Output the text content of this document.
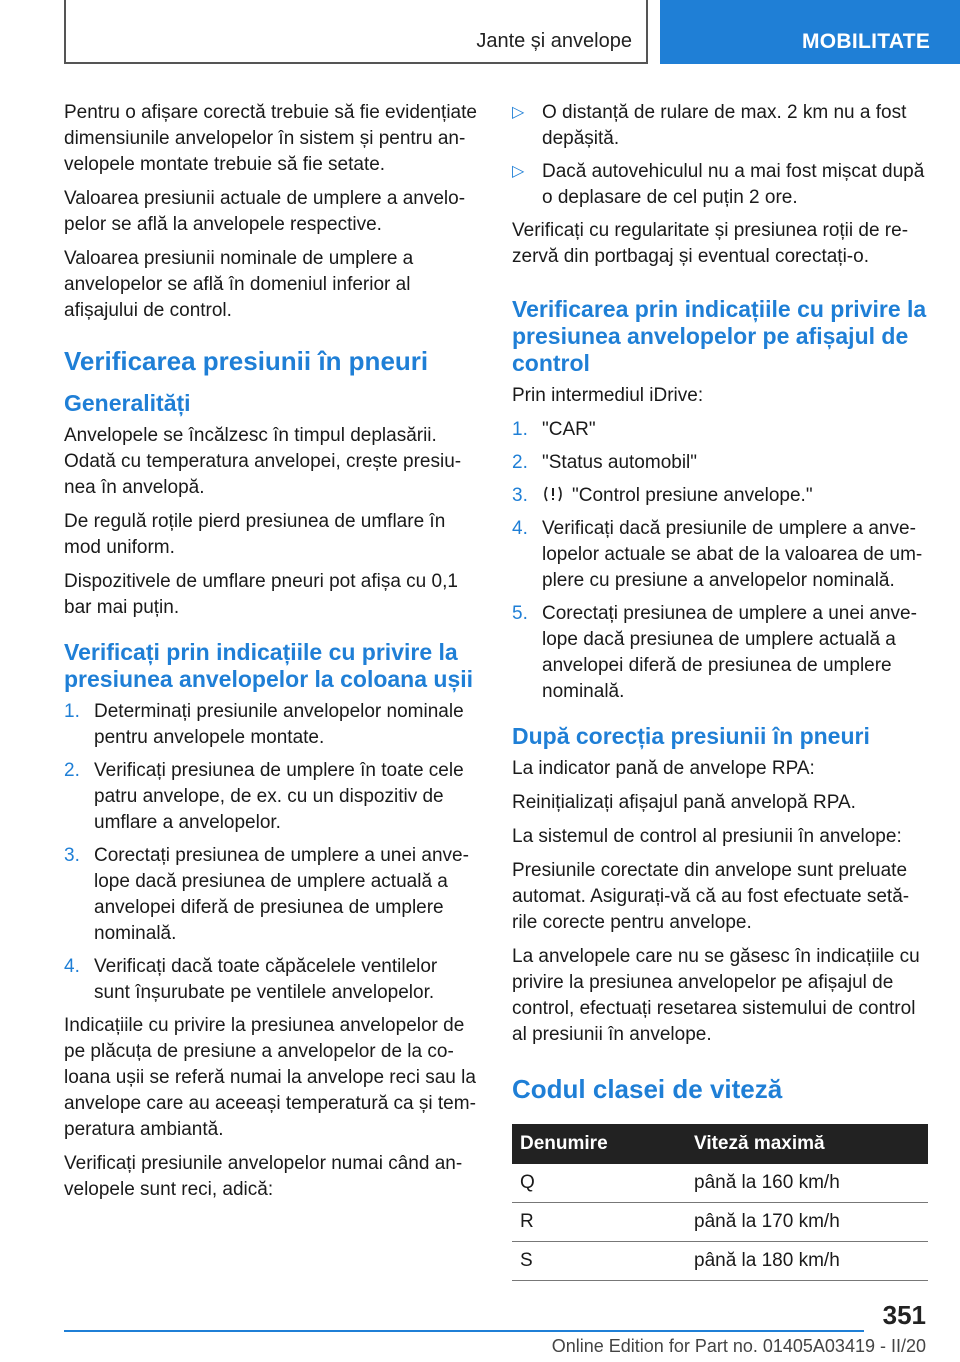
Jante și anvelope	MOBILITATE

Pentru o afișare corectă trebuie să fie evidențiate dimensiunile anvelopelor în sistem și pentru anvelopele montate trebuie să fie setate.

Valoarea presiunii actuale de umplere a anvelopelor se află la anvelopele respective.

Valoarea presiunii nominale de umplere a anvelopelor se află în domeniul inferior al afișajului de control.

Verificarea presiunii în pneuri
Generalități

Anvelopele se încălzesc în timpul deplasării. Odată cu temperatura anvelopei, crește presiunea în anvelopă.

De regulă roțile pierd presiunea de umflare în mod uniform.

Dispozitivele de umflare pneuri pot afișa cu 0,1 bar mai puțin.

Verificați prin indicațiile cu privire la presiunea anvelopelor la coloana ușii
1. Determinați presiunile anvelopelor nominale pentru anvelopele montate.
2. Verificați presiunea de umplere în toate cele patru anvelope, de ex. cu un dispozitiv de umflare a anvelopelor.
3. Corectați presiunea de umplere a unei anvelope dacă presiunea de umplere actuală a anvelopei diferă de presiunea de umplere nominală.
4. Verificați dacă toate căpăcelele ventilelor sunt înșurubate pe ventilele anvelopelor.

Indicațiile cu privire la presiunea anvelopelor de pe plăcuța de presiune a anvelopelor de la coloana ușii se referă numai la anvelope reci sau la anvelope care au aceeași temperatură ca și temperatura ambiantă.

Verificați presiunile anvelopelor numai când anvelopele sunt reci, adică:

▷ O distanță de rulare de max. 2 km nu a fost depășită.
▷ Dacă autovehiculul nu a mai fost mișcat după o deplasare de cel puțin 2 ore.

Verificați cu regularitate și presiunea roții de rezervă din portbagaj și eventual corectați-o.

Verificarea prin indicațiile cu privire la presiunea anvelopelor pe afișajul de control

Prin intermediul iDrive:

1. "CAR"
2. "Status automobil"
3. "Control presiune anvelope."
4. Verificați dacă presiunile de umplere a anvelopelor actuale se abat de la valoarea de umplere cu presiune a anvelopelor nominală.
5. Corectați presiunea de umplere a unei anvelope dacă presiunea de umplere actuală a anvelopei diferă de presiunea de umplere nominală.
După corecția presiunii în pneuri

La indicator pană de anvelope RPA:

Reinițializați afișajul pană anvelopă RPA.

La sistemul de control al presiunii în anvelope:

Presiunile corectate din anvelope sunt preluate automat. Asigurați-vă că au fost efectuate setările corecte pentru anvelope.

La anvelopele care nu se găsesc în indicațiile cu privire la presiunea anvelopelor pe afișajul de control, efectuați resetarea sistemului de control al presiunii în anvelope.

Codul clasei de viteză
Denumire	Viteză maximă
Q	până la 160 km/h
R	până la 170 km/h
S	până la 180 km/h
351
Online Edition for Part no. 01405A03419 - II/20
